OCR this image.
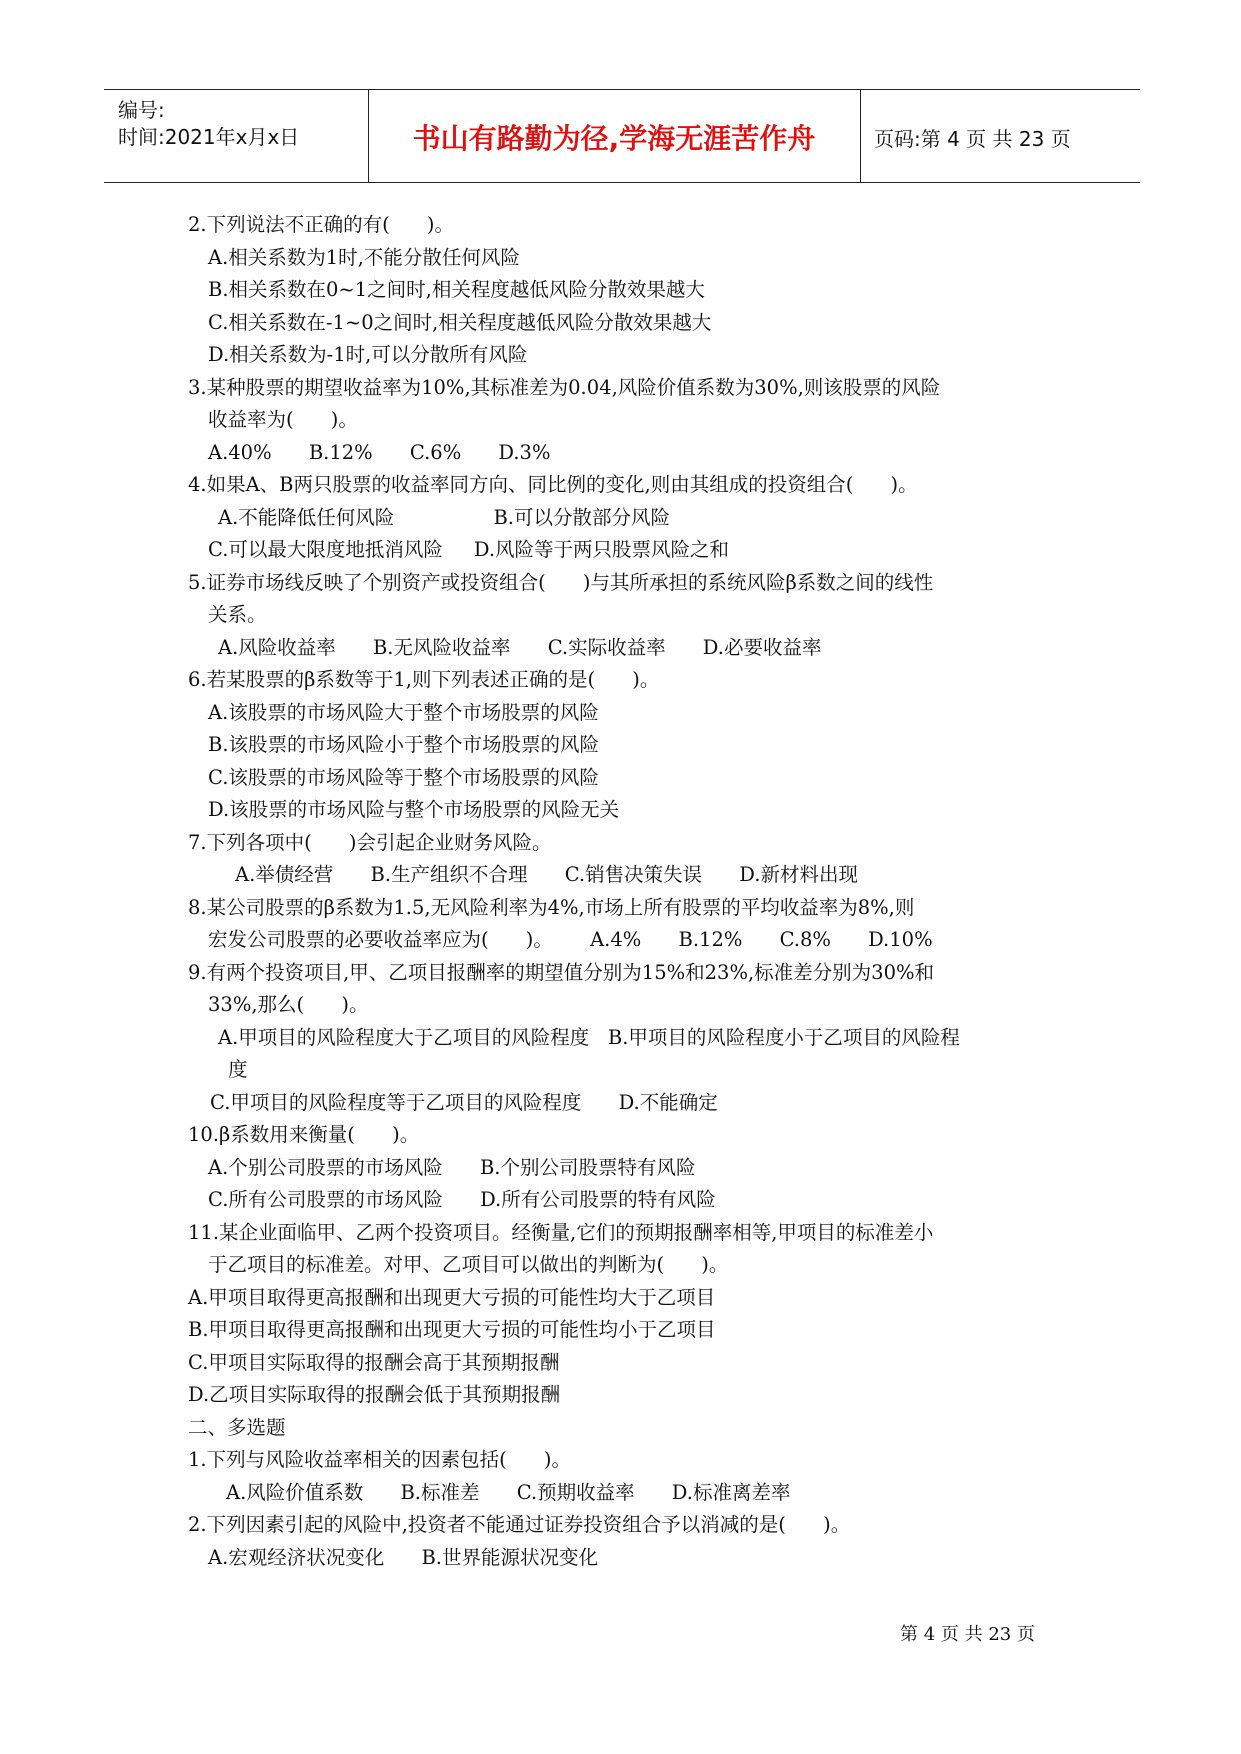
编号:
时间:2021年x月x日	书山有路勤为径,学海无涯苦作舟	页码:第 4 页 共 23 页
2.下列说法不正确的有(      )。
A.相关系数为1时,不能分散任何风险
B.相关系数在0~1之间时,相关程度越低风险分散效果越大
C.相关系数在-1~0之间时,相关程度越低风险分散效果越大
D.相关系数为-1时,可以分散所有风险
3.某种股票的期望收益率为10%,其标准差为0.04,风险价值系数为30%,则该股票的风险
收益率为(      )。
A.40%      B.12%      C.6%      D.3%
4.如果A、B两只股票的收益率同方向、同比例的变化,则由其组成的投资组合(      )。
A.不能降低任何风险                B.可以分散部分风险
C.可以最大限度地抵消风险     D.风险等于两只股票风险之和
5.证券市场线反映了个别资产或投资组合(      )与其所承担的系统风险β系数之间的线性
关系。
A.风险收益率      B.无风险收益率      C.实际收益率      D.必要收益率
6.若某股票的β系数等于1,则下列表述正确的是(      )。
A.该股票的市场风险大于整个市场股票的风险
B.该股票的市场风险小于整个市场股票的风险
C.该股票的市场风险等于整个市场股票的风险
D.该股票的市场风险与整个市场股票的风险无关
7.下列各项中(      )会引起企业财务风险。
A.举债经营      B.生产组织不合理      C.销售决策失误      D.新材料出现
8.某公司股票的β系数为1.5,无风险利率为4%,市场上所有股票的平均收益率为8%,则
宏发公司股票的必要收益率应为(      )。      A.4%      B.12%      C.8%      D.10%
9.有两个投资项目,甲、乙项目报酬率的期望值分别为15%和23%,标准差分别为30%和
33%,那么(      )。
A.甲项目的风险程度大于乙项目的风险程度   B.甲项目的风险程度小于乙项目的风险程
度
C.甲项目的风险程度等于乙项目的风险程度      D.不能确定
10.β系数用来衡量(      )。
A.个别公司股票的市场风险      B.个别公司股票特有风险
C.所有公司股票的市场风险      D.所有公司股票的特有风险
11.某企业面临甲、乙两个投资项目。经衡量,它们的预期报酬率相等,甲项目的标准差小
于乙项目的标准差。对甲、乙项目可以做出的判断为(      )。
A.甲项目取得更高报酬和出现更大亏损的可能性均大于乙项目
B.甲项目取得更高报酬和出现更大亏损的可能性均小于乙项目
C.甲项目实际取得的报酬会高于其预期报酬
D.乙项目实际取得的报酬会低于其预期报酬
二、多选题
1.下列与风险收益率相关的因素包括(      )。
A.风险价值系数      B.标准差      C.预期收益率      D.标准离差率
2.下列因素引起的风险中,投资者不能通过证券投资组合予以消减的是(      )。
A.宏观经济状况变化      B.世界能源状况变化
第 4 页 共 23 页
